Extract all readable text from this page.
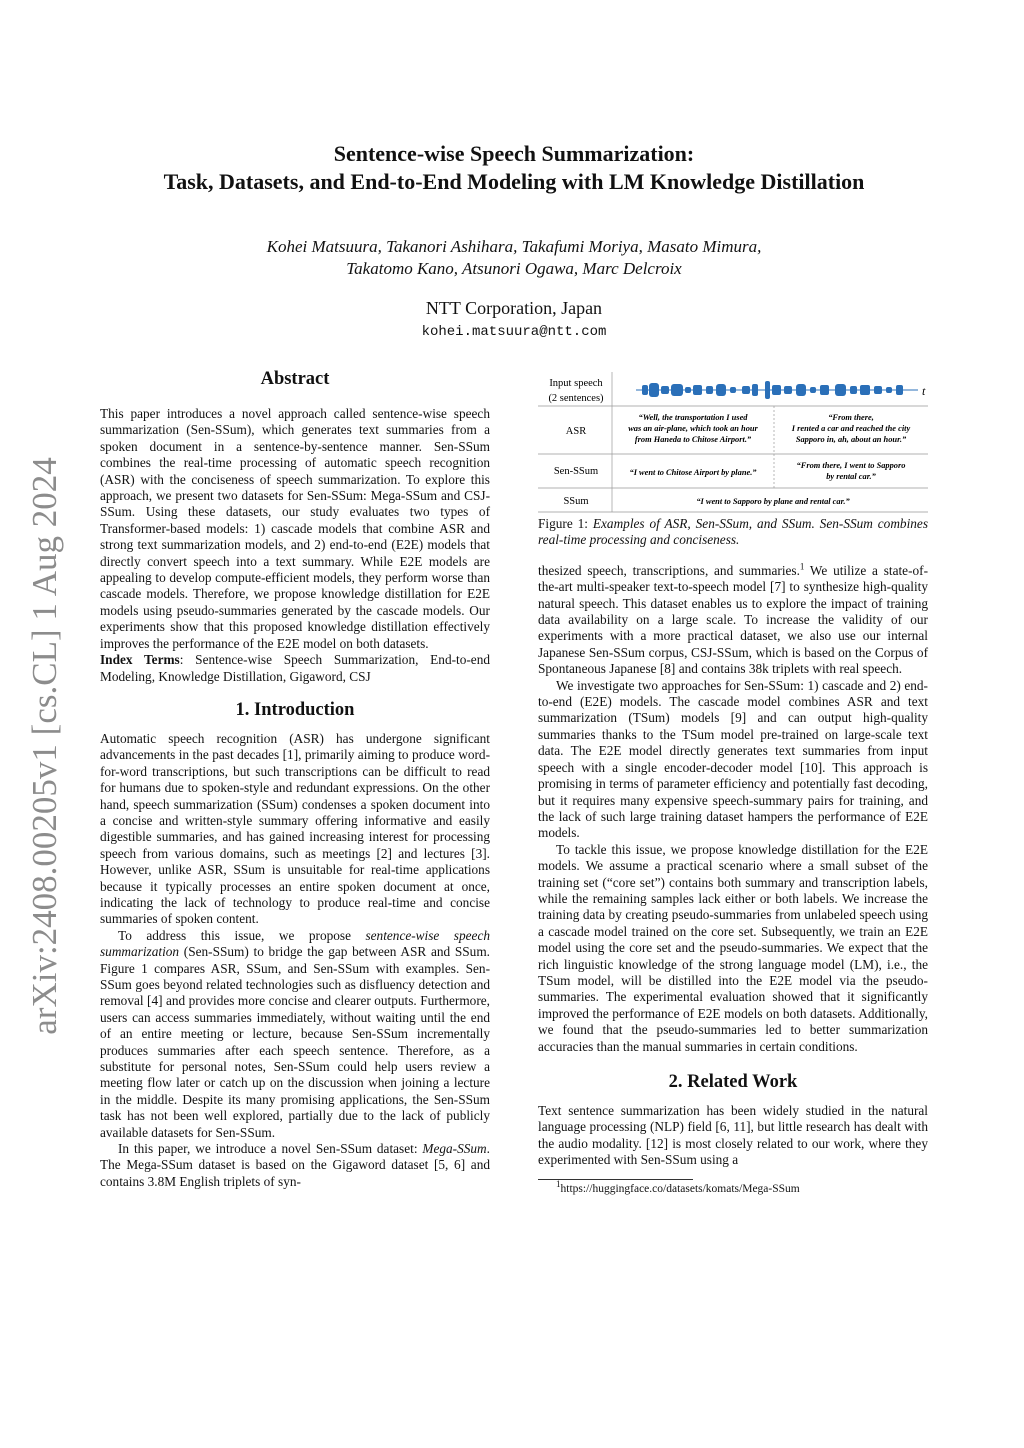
Sentence-wise Speech Summarization:
Task, Datasets, and End-to-End Modeling with LM Knowledge Distillation
Kohei Matsuura, Takanori Ashihara, Takafumi Moriya, Masato Mimura,
Takatomo Kano, Atsunori Ogawa, Marc Delcroix
NTT Corporation, Japan
kohei.matsuura@ntt.com
arXiv:2408.00205v1 [cs.CL] 1 Aug 2024
Abstract

This paper introduces a novel approach called sentence-wise speech summarization (Sen-SSum), which generates text summaries from a spoken document in a sentence-by-sentence manner. Sen-SSum combines the real-time processing of automatic speech recognition (ASR) with the conciseness of speech summarization. To explore this approach, we present two datasets for Sen-SSum: Mega-SSum and CSJ-SSum. Using these datasets, our study evaluates two types of Transformer-based models: 1) cascade models that combine ASR and strong text summarization models, and 2) end-to-end (E2E) models that directly convert speech into a text summary. While E2E models are appealing to develop compute-efficient models, they perform worse than cascade models. Therefore, we propose knowledge distillation for E2E models using pseudo-summaries generated by the cascade models. Our experiments show that this proposed knowledge distillation effectively improves the performance of the E2E model on both datasets.

Index Terms: Sentence-wise Speech Summarization, End-to-end Modeling, Knowledge Distillation, Gigaword, CSJ

1. Introduction

Automatic speech recognition (ASR) has undergone significant advancements in the past decades [1], primarily aiming to produce word-for-word transcriptions, but such transcriptions can be difficult to read for humans due to spoken-style and redundant expressions. On the other hand, speech summarization (SSum) condenses a spoken document into a concise and written-style summary offering informative and easily digestible summaries, and has gained increasing interest for processing speech from various domains, such as meetings [2] and lectures [3]. However, unlike ASR, SSum is unsuitable for real-time applications because it typically processes an entire spoken document at once, indicating the lack of technology to produce real-time and concise summaries of spoken content.

To address this issue, we propose sentence-wise speech summarization (Sen-SSum) to bridge the gap between ASR and SSum. Figure 1 compares ASR, SSum, and Sen-SSum with examples. Sen-SSum goes beyond related technologies such as disfluency detection and removal [4] and provides more concise and clearer outputs. Furthermore, users can access summaries immediately, without waiting until the end of an entire meeting or lecture, because Sen-SSum incrementally produces summaries after each speech sentence. Therefore, as a substitute for personal notes, Sen-SSum could help users review a meeting flow later or catch up on the discussion when joining a lecture in the middle. Despite its many promising applications, the Sen-SSum task has not been well explored, partially due to the lack of publicly available datasets for Sen-SSum.

In this paper, we introduce a novel Sen-SSum dataset: Mega-SSum. The Mega-SSum dataset is based on the Gigaword dataset [5, 6] and contains 3.8M English triplets of syn-

Input speech
(2 sentences)
ASR
Sen-SSum
SSum
t
“Well, the transportation I used
was an air-plane, which took an hour
from Haneda to Chitose Airport.”
“From there,
I rented a car and reached the city
Sapporo in, ah, about an hour.”
“I went to Chitose Airport by plane.”
“From there, I went to Sapporo
by rental car.”
“I went to Sapporo by plane and rental car.”

Figure 1: Examples of ASR, Sen-SSum, and SSum. Sen-SSum combines real-time processing and conciseness.

thesized speech, transcriptions, and summaries.$^1$ We utilize a state-of-the-art multi-speaker text-to-speech model [7] to synthesize high-quality natural speech. This dataset enables us to explore the impact of training data availability on a large scale. To increase the validity of our experiments with a more practical dataset, we also use our internal Japanese Sen-SSum corpus, CSJ-SSum, which is based on the Corpus of Spontaneous Japanese [8] and contains 38k triplets with real speech.

We investigate two approaches for Sen-SSum: 1) cascade and 2) end-to-end (E2E) models. The cascade model combines ASR and text summarization (TSum) models [9] and can output high-quality summaries thanks to the TSum model pre-trained on large-scale text data. The E2E model directly generates text summaries from input speech with a single encoder-decoder model [10]. This approach is promising in terms of parameter efficiency and potentially fast decoding, but it requires many expensive speech-summary pairs for training, and the lack of such large training dataset hampers the performance of E2E models.

To tackle this issue, we propose knowledge distillation for the E2E models. We assume a practical scenario where a small subset of the training set (“core set”) contains both summary and transcription labels, while the remaining samples lack either or both labels. We increase the training data by creating pseudo-summaries from unlabeled speech using a cascade model trained on the core set. Subsequently, we train an E2E model using the core set and the pseudo-summaries. We expect that the rich linguistic knowledge of the strong language model (LM), i.e., the TSum model, will be distilled into the E2E model via the pseudo-summaries. The experimental evaluation showed that it significantly improved the performance of E2E models on both datasets. Additionally, we found that the pseudo-summaries led to better summarization accuracies than the manual summaries in certain conditions.

2. Related Work

Text sentence summarization has been widely studied in the natural language processing (NLP) field [6, 11], but little research has dealt with the audio modality. [12] is most closely related to our work, where they experimented with Sen-SSum using a

$^1$https://huggingface.co/datasets/komats/Mega-SSum
